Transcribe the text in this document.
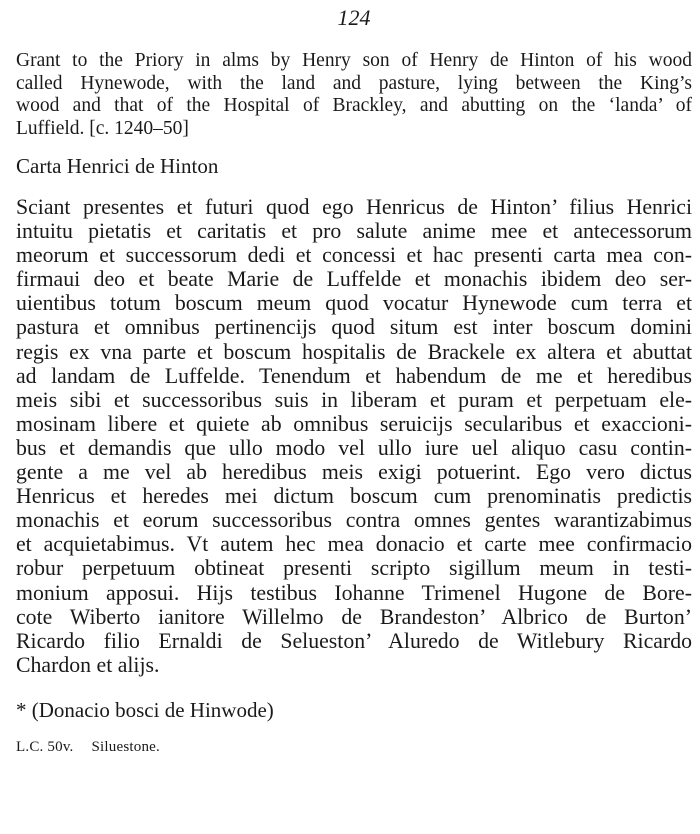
124
Grant to the Priory in alms by Henry son of Henry de Hinton of his wood
called Hynewode, with the land and pasture, lying between the King’s
wood and that of the Hospital of Brackley, and abutting on the ‘landa’ of
Luffield. [c. 1240–50]
Carta Henrici de Hinton
Sciant presentes et futuri quod ego Henricus de Hinton’ filius Henrici
intuitu pietatis et caritatis et pro salute anime mee et antecessorum
meorum et successorum dedi et concessi et hac presenti carta mea con-
firmaui deo et beate Marie de Luffelde et monachis ibidem deo ser-
uientibus totum boscum meum quod vocatur Hynewode cum terra et
pastura et omnibus pertinencijs quod situm est inter boscum domini
regis ex vna parte et boscum hospitalis de Brackele ex altera et abuttat
ad landam de Luffelde. Tenendum et habendum de me et heredibus
meis sibi et successoribus suis in liberam et puram et perpetuam ele-
mosinam libere et quiete ab omnibus seruicijs secularibus et exaccioni-
bus et demandis que ullo modo vel ullo iure uel aliquo casu contin-
gente a me vel ab heredibus meis exigi potuerint. Ego vero dictus
Henricus et heredes mei dictum boscum cum prenominatis predictis
monachis et eorum successoribus contra omnes gentes warantizabimus
et acquietabimus. Vt autem hec mea donacio et carte mee confirmacio
robur perpetuum obtineat presenti scripto sigillum meum in testi-
monium apposui. Hijs testibus Iohanne Trimenel Hugone de Bore-
cote Wiberto ianitore Willelmo de Brandeston’ Albrico de Burton’
Ricardo filio Ernaldi de Selueston’ Aluredo de Witlebury Ricardo
Chardon et alijs.
* (Donacio bosci de Hinwode)
L.C. 50v. Siluestone.
